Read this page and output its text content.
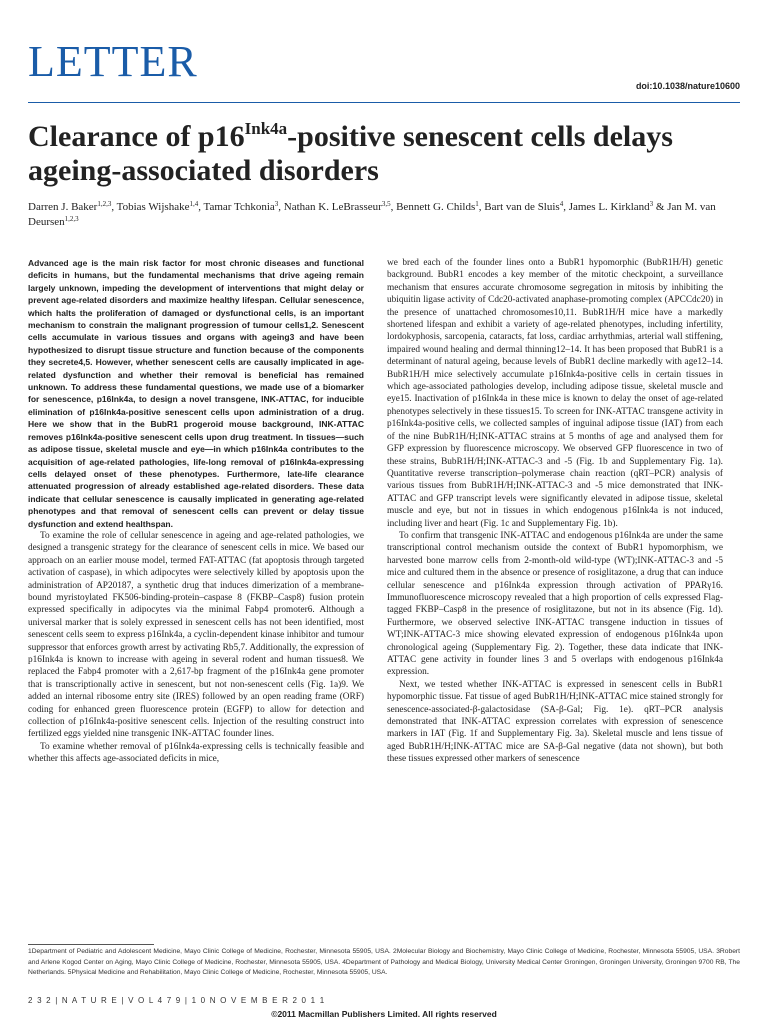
LETTER	doi:10.1038/nature10600
Clearance of $p16^{Ink4a}$-positive senescent cells delays ageing-associated disorders
Darren J. Baker$^{1,2,3}$, Tobias Wijshake$^{1,4}$, Tamar Tchkonia$^3$, Nathan K. LeBrasseur$^{3,5}$, Bennett G. Childs$^1$, Bart van de Sluis$^4$, James L. Kirkland$^3$ & Jan M. van Deursen$^{1,2,3}$

Advanced age is the main risk factor for most chronic diseases and functional deficits in humans, but the fundamental mechanisms that drive ageing remain largely unknown, impeding the development of interventions that might delay or prevent age-related disorders and maximize healthy lifespan. Cellular senescence, which halts the proliferation of damaged or dysfunctional cells, is an important mechanism to constrain the malignant progression of tumour cells1,2. Senescent cells accumulate in various tissues and organs with ageing3 and have been hypothesized to disrupt tissue structure and function because of the components they secrete4,5. However, whether senescent cells are causally implicated in age-related dysfunction and whether their removal is beneficial has remained unknown. To address these fundamental questions, we made use of a biomarker for senescence, p16Ink4a, to design a novel transgene, INK-ATTAC, for inducible elimination of p16Ink4a-positive senescent cells upon administration of a drug. Here we show that in the BubR1 progeroid mouse background, INK-ATTAC removes p16Ink4a-positive senescent cells upon drug treatment. In tissues—such as adipose tissue, skeletal muscle and eye—in which p16Ink4a contributes to the acquisition of age-related pathologies, life-long removal of p16Ink4a-expressing cells delayed onset of these phenotypes. Furthermore, late-life clearance attenuated progression of already established age-related disorders. These data indicate that cellular senescence is causally implicated in generating age-related phenotypes and that removal of senescent cells can prevent or delay tissue dysfunction and extend healthspan.

To examine the role of cellular senescence in ageing and age-related pathologies, we designed a transgenic strategy for the clearance of senescent cells in mice. We based our approach on an earlier mouse model, termed FAT-ATTAC (fat apoptosis through targeted activation of caspase), in which adipocytes were selectively killed by apoptosis upon the administration of AP20187, a synthetic drug that induces dimerization of a membrane-bound myristoylated FK506-binding-protein–caspase 8 (FKBP–Casp8) fusion protein expressed specifically in adipocytes via the minimal Fabp4 promoter6. Although a universal marker that is solely expressed in senescent cells has not been identified, most senescent cells seem to express p16Ink4a, a cyclin-dependent kinase inhibitor and tumour suppressor that enforces growth arrest by activating Rb5,7. Additionally, the expression of p16Ink4a is known to increase with ageing in several rodent and human tissues8. We replaced the Fabp4 promoter with a 2,617-bp fragment of the p16Ink4a gene promoter that is transcriptionally active in senescent, but not non-senescent cells (Fig. 1a)9. We added an internal ribosome entry site (IRES) followed by an open reading frame (ORF) coding for enhanced green fluorescence protein (EGFP) to allow for detection and collection of p16Ink4a-positive senescent cells. Injection of the resulting construct into fertilized eggs yielded nine transgenic INK-ATTAC founder lines.

To examine whether removal of p16Ink4a-expressing cells is technically feasible and whether this affects age-associated deficits in mice,

we bred each of the founder lines onto a BubR1 hypomorphic (BubR1H/H) genetic background. BubR1 encodes a key member of the mitotic checkpoint, a surveillance mechanism that ensures accurate chromosome segregation in mitosis by inhibiting the ubiquitin ligase activity of Cdc20-activated anaphase-promoting complex (APCCdc20) in the presence of unattached chromosomes10,11. BubR1H/H mice have a markedly shortened lifespan and exhibit a variety of age-related phenotypes, including infertility, lordokyphosis, sarcopenia, cataracts, fat loss, cardiac arrhythmias, arterial wall stiffening, impaired wound healing and dermal thinning12–14. It has been proposed that BubR1 is a determinant of natural ageing, because levels of BubR1 decline markedly with age12–14. BubR1H/H mice selectively accumulate p16Ink4a-positive cells in certain tissues in which age-associated pathologies develop, including adipose tissue, skeletal muscle and eye15. Inactivation of p16Ink4a in these mice is known to delay the onset of age-related phenotypes selectively in these tissues15. To screen for INK-ATTAC transgene activity in p16Ink4a-positive cells, we collected samples of inguinal adipose tissue (IAT) from each of the nine BubR1H/H;INK-ATTAC strains at 5 months of age and analysed them for GFP expression by fluorescence microscopy. We observed GFP fluorescence in two of these strains, BubR1H/H;INK-ATTAC-3 and -5 (Fig. 1b and Supplementary Fig. 1a). Quantitative reverse transcription–polymerase chain reaction (qRT–PCR) analysis of various tissues from BubR1H/H;INK-ATTAC-3 and -5 mice demonstrated that INK-ATTAC and GFP transcript levels were significantly elevated in adipose tissue, skeletal muscle and eye, but not in tissues in which endogenous p16Ink4a is not induced, including liver and heart (Fig. 1c and Supplementary Fig. 1b).

To confirm that transgenic INK-ATTAC and endogenous p16Ink4a are under the same transcriptional control mechanism outside the context of BubR1 hypomorphism, we harvested bone marrow cells from 2-month-old wild-type (WT);INK-ATTAC-3 and -5 mice and cultured them in the absence or presence of rosiglitazone, a drug that can induce cellular senescence and p16Ink4a expression through activation of PPARγ16. Immunofluorescence microscopy revealed that a high proportion of cells expressed Flag-tagged FKBP–Casp8 in the presence of rosiglitazone, but not in its absence (Fig. 1d). Furthermore, we observed selective INK-ATTAC transgene induction in tissues of WT;INK-ATTAC-3 mice showing elevated expression of endogenous p16Ink4a upon chronological ageing (Supplementary Fig. 2). Together, these data indicate that INK-ATTAC gene activity in founder lines 3 and 5 overlaps with endogenous p16Ink4a expression.

Next, we tested whether INK-ATTAC is expressed in senescent cells in BubR1 hypomorphic tissue. Fat tissue of aged BubR1H/H;INK-ATTAC mice stained strongly for senescence-associated-β-galactosidase (SA-β-Gal; Fig. 1e). qRT–PCR analysis demonstrated that INK-ATTAC expression correlates with expression of senescence markers in IAT (Fig. 1f and Supplementary Fig. 3a). Skeletal muscle and lens tissue of aged BubR1H/H;INK-ATTAC mice are SA-β-Gal negative (data not shown), but both these tissues expressed other markers of senescence

1Department of Pediatric and Adolescent Medicine, Mayo Clinic College of Medicine, Rochester, Minnesota 55905, USA. 2Molecular Biology and Biochemistry, Mayo Clinic College of Medicine, Rochester, Minnesota 55905, USA. 3Robert and Arlene Kogod Center on Aging, Mayo Clinic College of Medicine, Rochester, Minnesota 55905, USA. 4Department of Pathology and Medical Biology, University Medical Center Groningen, Groningen University, Groningen 9700 RB, The Netherlands. 5Physical Medicine and Rehabilitation, Mayo Clinic College of Medicine, Rochester, Minnesota 55905, USA.
2 3 2 | N A T U R E | V O L 4 7 9 | 1 0 N O V E M B E R 2 0 1 1
©2011 Macmillan Publishers Limited. All rights reserved
